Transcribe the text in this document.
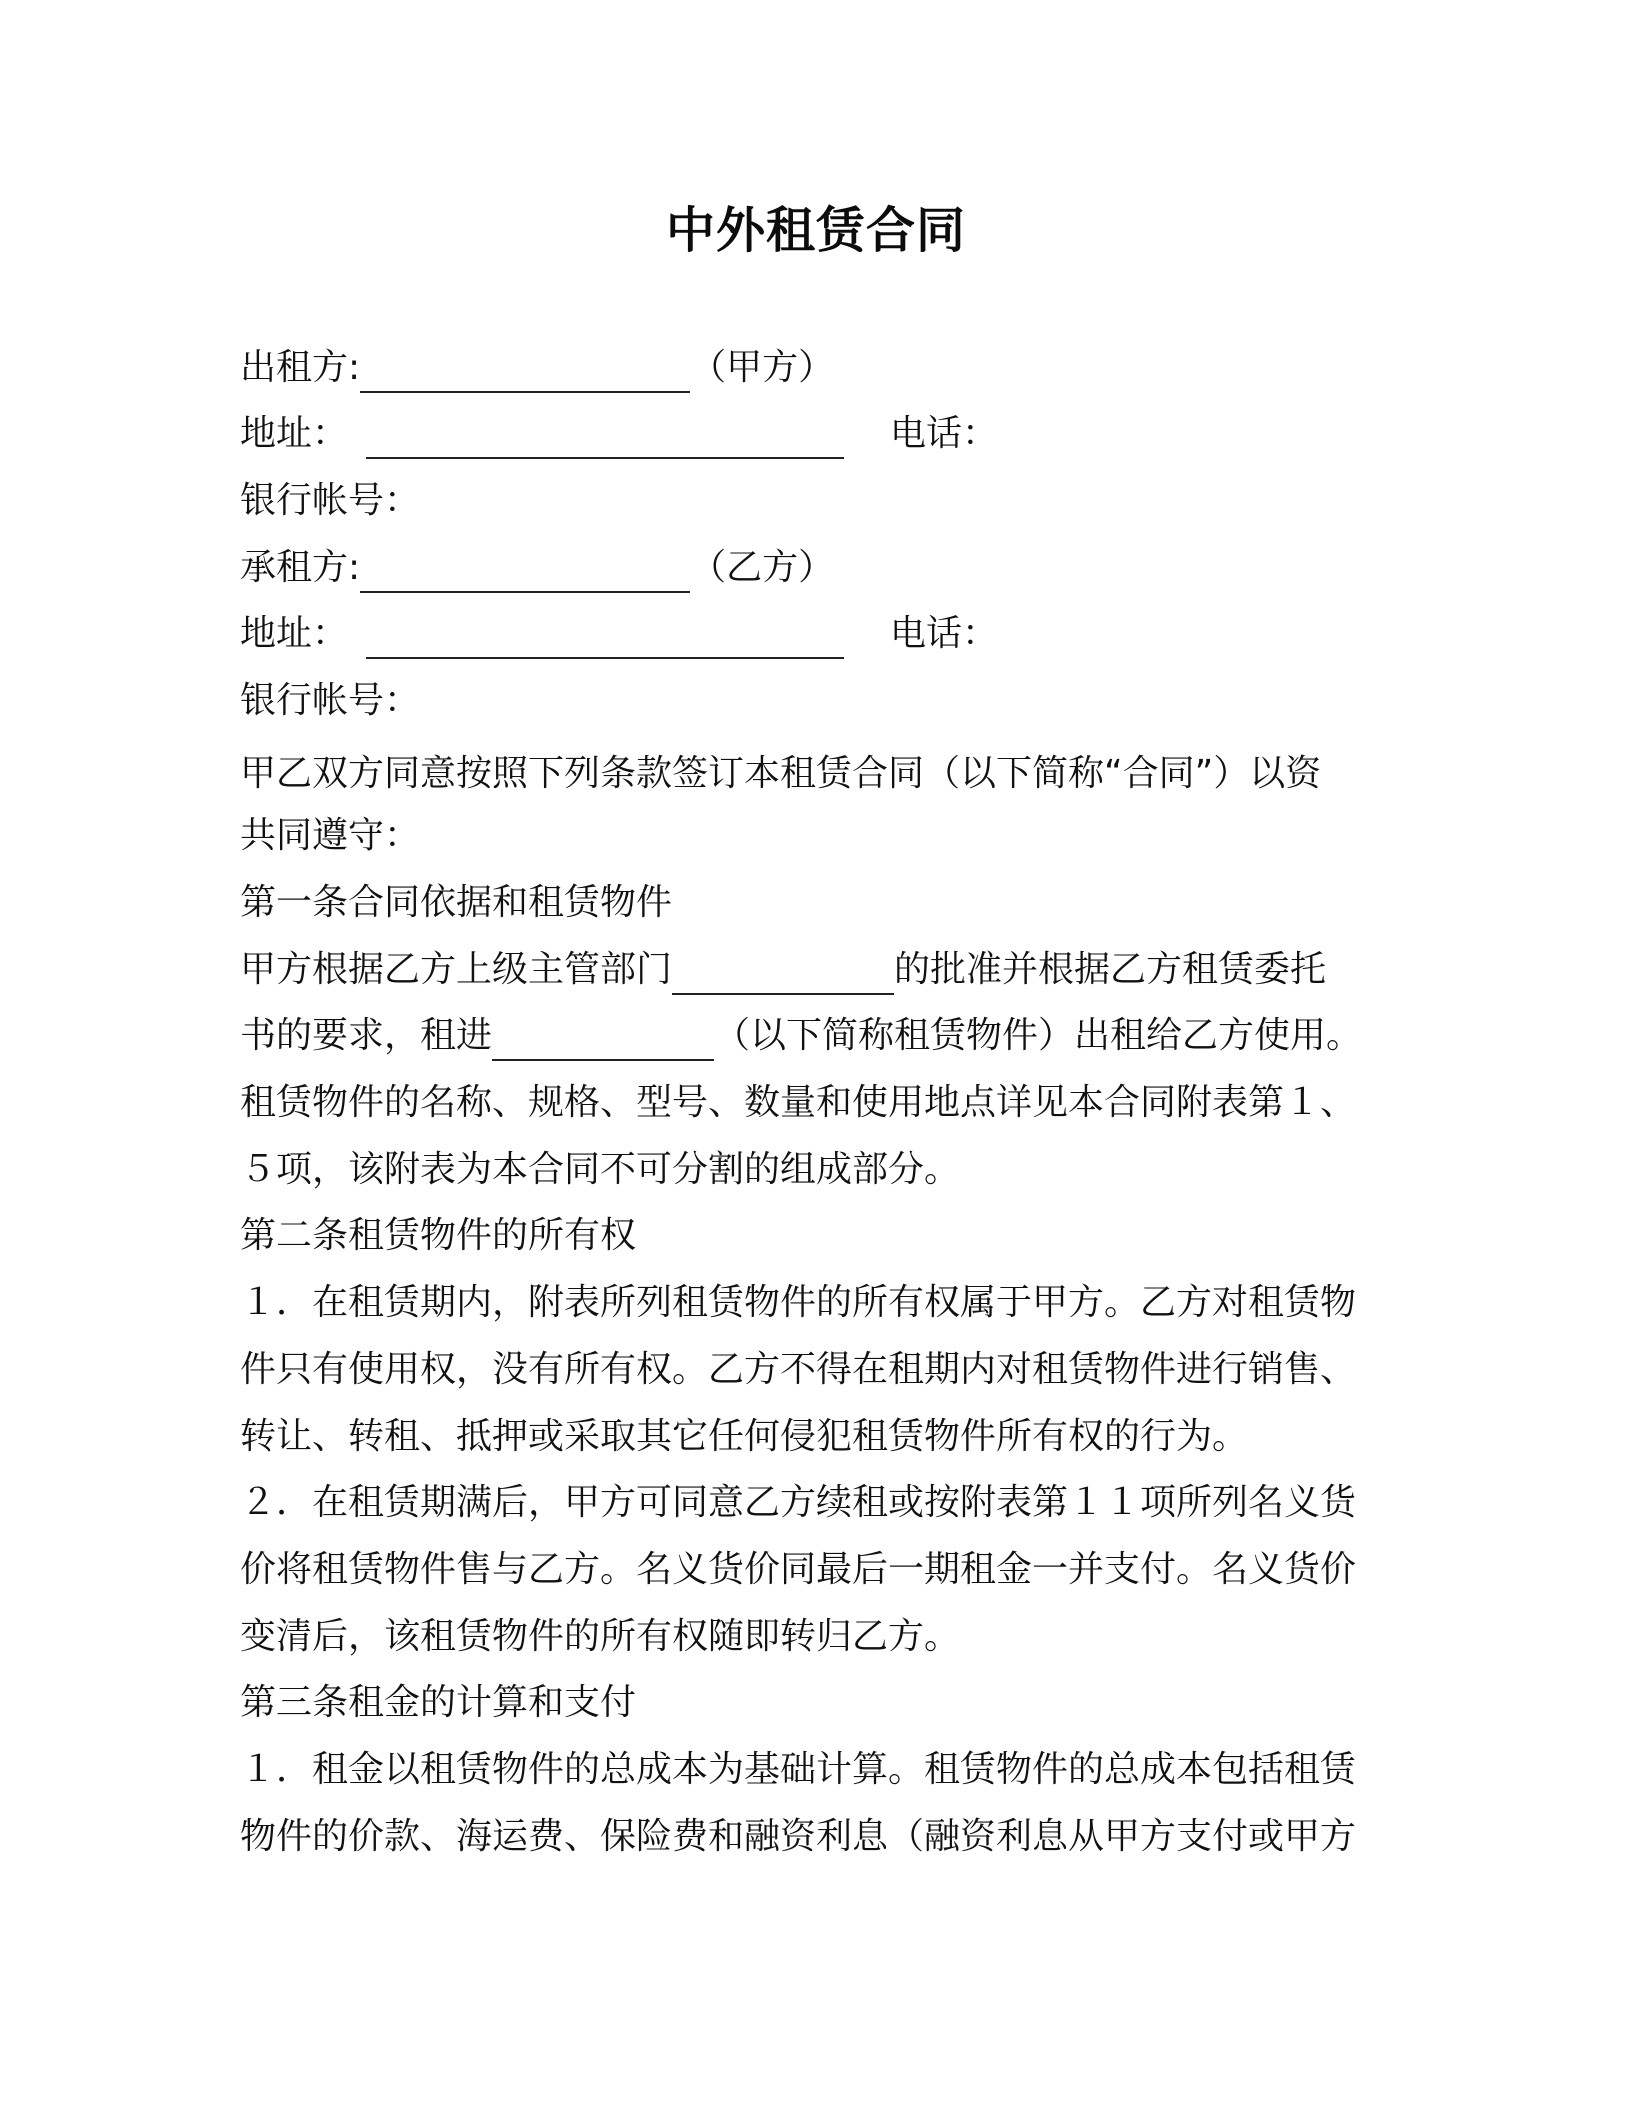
中外租赁合同
出租方:	（甲方）
地址：	电话：
银行帐号：
承租方:	（乙方）
地址：	电话：
银行帐号：
甲乙双方同意按照下列条款签订本租赁合同（以下简称“合同”）以资
共同遵守：
第一条合同依据和租赁物件
甲方根据乙方上级主管部门	的批准并根据乙方租赁委托
书的要求，租进	（以下简称租赁物件）出租给乙方使用。
租赁物件的名称、规格、型号、数量和使用地点详见本合同附表第１、
５项，该附表为本合同不可分割的组成部分。
第二条租赁物件的所有权
１．在租赁期内，附表所列租赁物件的所有权属于甲方。乙方对租赁物
件只有使用权，没有所有权。乙方不得在租期内对租赁物件进行销售、
转让、转租、抵押或采取其它任何侵犯租赁物件所有权的行为。
２．在租赁期满后，甲方可同意乙方续租或按附表第１１项所列名义货
价将租赁物件售与乙方。名义货价同最后一期租金一并支付。名义货价
变清后，该租赁物件的所有权随即转归乙方。
第三条租金的计算和支付
１．租金以租赁物件的总成本为基础计算。租赁物件的总成本包括租赁
物件的价款、海运费、保险费和融资利息（融资利息从甲方支付或甲方
